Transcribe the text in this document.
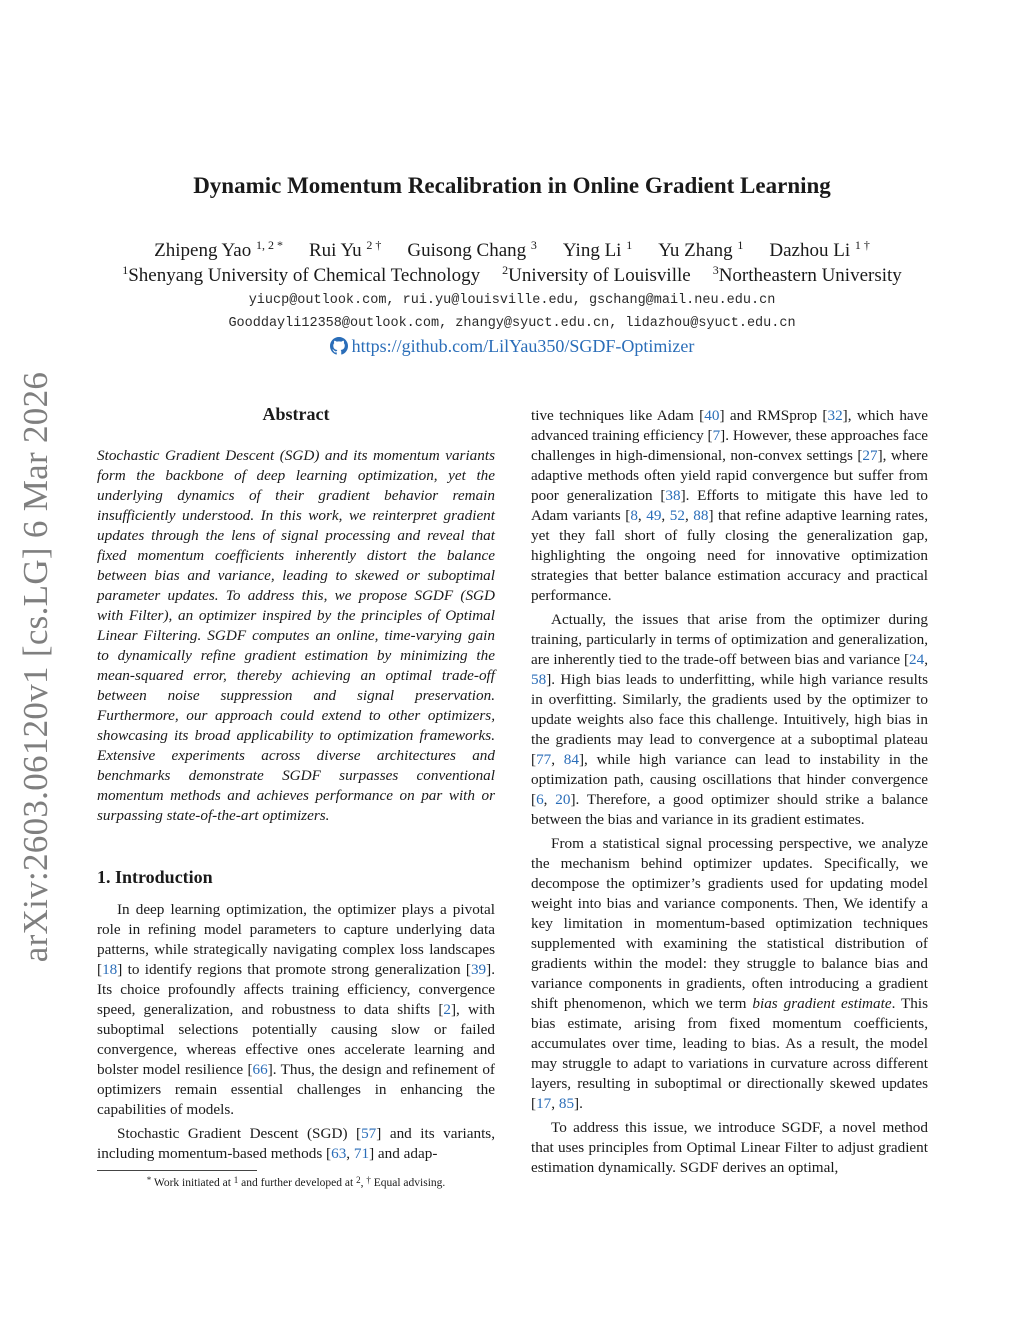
arXiv:2603.06120v1 [cs.LG] 6 Mar 2026
Dynamic Momentum Recalibration in Online Gradient Learning
Zhipeng Yao $^{1, 2 *}$ Rui Yu $^{2 \dagger}$ Guisong Chang $^3$ Ying Li $^1$ Yu Zhang $^1$ Dazhou Li $^{1 \dagger}$
$^1$Shenyang University of Chemical Technology $^2$University of Louisville $^3$Northeastern University
yiucp@outlook.com, rui.yu@louisville.edu, gschang@mail.neu.edu.cn
Gooddayli12358@outlook.com, zhangy@syuct.edu.cn, lidazhou@syuct.edu.cn
https://github.com/LilYau350/SGDF-Optimizer
Abstract
Stochastic Gradient Descent (SGD) and its momentum variants form the backbone of deep learning optimization, yet the underlying dynamics of their gradient behavior remain insufficiently understood. In this work, we reinterpret gradient updates through the lens of signal processing and reveal that fixed momentum coefficients inherently distort the balance between bias and variance, leading to skewed or suboptimal parameter updates. To address this, we propose SGDF (SGD with Filter), an optimizer inspired by the principles of Optimal Linear Filtering. SGDF computes an online, time-varying gain to dynamically refine gradient estimation by minimizing the mean-squared error, thereby achieving an optimal trade-off between noise suppression and signal preservation. Furthermore, our approach could extend to other optimizers, showcasing its broad applicability to optimization frameworks. Extensive experiments across diverse architectures and benchmarks demonstrate SGDF surpasses conventional momentum methods and achieves performance on par with or surpassing state-of-the-art optimizers.
1. Introduction

In deep learning optimization, the optimizer plays a pivotal role in refining model parameters to capture underlying data patterns, while strategically navigating complex loss landscapes [18] to identify regions that promote strong generalization [39]. Its choice profoundly affects training efficiency, convergence speed, generalization, and robustness to data shifts [2], with suboptimal selections potentially causing slow or failed convergence, whereas effective ones accelerate learning and bolster model resilience [66]. Thus, the design and refinement of optimizers remain essential challenges in enhancing the capabilities of models.

Stochastic Gradient Descent (SGD) [57] and its variants, including momentum-based methods [63, 71] and adap-

tive techniques like Adam [40] and RMSprop [32], which have advanced training efficiency [7]. However, these approaches face challenges in high-dimensional, non-convex settings [27], where adaptive methods often yield rapid convergence but suffer from poor generalization [38]. Efforts to mitigate this have led to Adam variants [8, 49, 52, 88] that refine adaptive learning rates, yet they fall short of fully closing the generalization gap, highlighting the ongoing need for innovative optimization strategies that better balance estimation accuracy and practical performance.

Actually, the issues that arise from the optimizer during training, particularly in terms of optimization and generalization, are inherently tied to the trade-off between bias and variance [24, 58]. High bias leads to underfitting, while high variance results in overfitting. Similarly, the gradients used by the optimizer to update weights also face this challenge. Intuitively, high bias in the gradients may lead to convergence at a suboptimal plateau [77, 84], while high variance can lead to instability in the optimization path, causing oscillations that hinder convergence [6, 20]. Therefore, a good optimizer should strike a balance between the bias and variance in its gradient estimates.

From a statistical signal processing perspective, we analyze the mechanism behind optimizer updates. Specifically, we decompose the optimizer’s gradients used for updating model weight into bias and variance components. Then, We identify a key limitation in momentum-based optimization techniques supplemented with examining the statistical distribution of gradients within the model: they struggle to balance bias and variance components in gradients, often introducing a gradient shift phenomenon, which we term bias gradient estimate. This bias estimate, arising from fixed momentum coefficients, accumulates over time, leading to bias. As a result, the model may struggle to adapt to variations in curvature across different layers, resulting in suboptimal or directionally skewed updates [17, 85].

To address this issue, we introduce SGDF, a novel method that uses principles from Optimal Linear Filter to adjust gradient estimation dynamically. SGDF derives an optimal,

* Work initiated at $^1$ and further developed at $^2$, † Equal advising.
